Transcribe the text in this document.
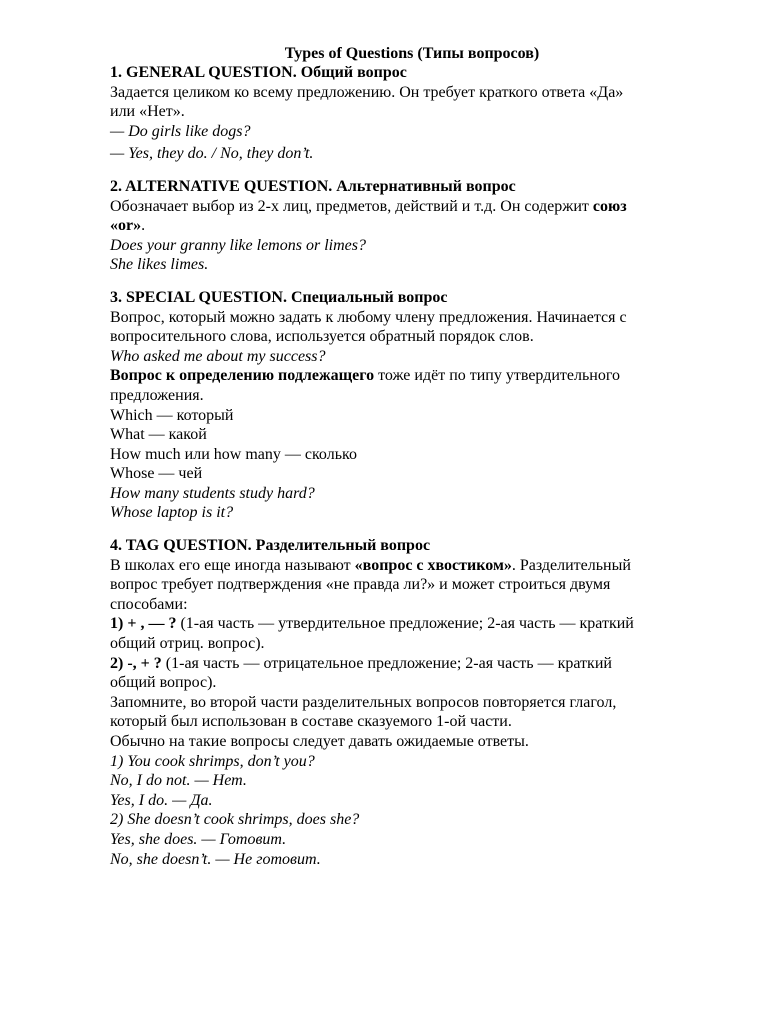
Types of Questions (Типы вопросов)

1. GENERAL QUESTION. Общий вопрос

Задается целиком ко всему предложению. Он требует краткого ответа «Да»

или «Нет».

— Do girls like dogs?

— Yes, they do. / No, they don’t.

2. ALTERNATIVE QUESTION. Альтернативный вопрос

Обозначает выбор из 2-х лиц, предметов, действий и т.д. Он содержит союз

«or».

Does your granny like lemons or limes?

She likes limes.

3. SPECIAL QUESTION. Специальный вопрос

Вопрос, который можно задать к любому члену предложения. Начинается с

вопросительного слова, используется обратный порядок слов.

Who asked me about my success?

Вопрос к определению подлежащего тоже идёт по типу утвердительного

предложения.

Which — который

What — какой

How much или how many — сколько

Whose — чей

How many students study hard?

Whose laptop is it?

4. TAG QUESTION. Разделительный вопрос

В школах его еще иногда называют «вопрос с хвостиком». Разделительный

вопрос требует подтверждения «не правда ли?» и может строиться двумя

способами:

1) + , — ? (1-ая часть — утвердительное предложение; 2-ая часть — краткий

общий отриц. вопрос).

2) -, + ? (1-ая часть — отрицательное предложение; 2-ая часть — краткий

общий вопрос).

Запомните, во второй части разделительных вопросов повторяется глагол,

который был использован в составе сказуемого 1-ой части.

Обычно на такие вопросы следует давать ожидаемые ответы.

1) You cook shrimps, don’t you?

No, I do not. — Нет.

Yes, I do. — Да.

2) She doesn’t cook shrimps, does she?

Yes, she does. — Готовит.

No, she doesn’t. — Не готовит.
